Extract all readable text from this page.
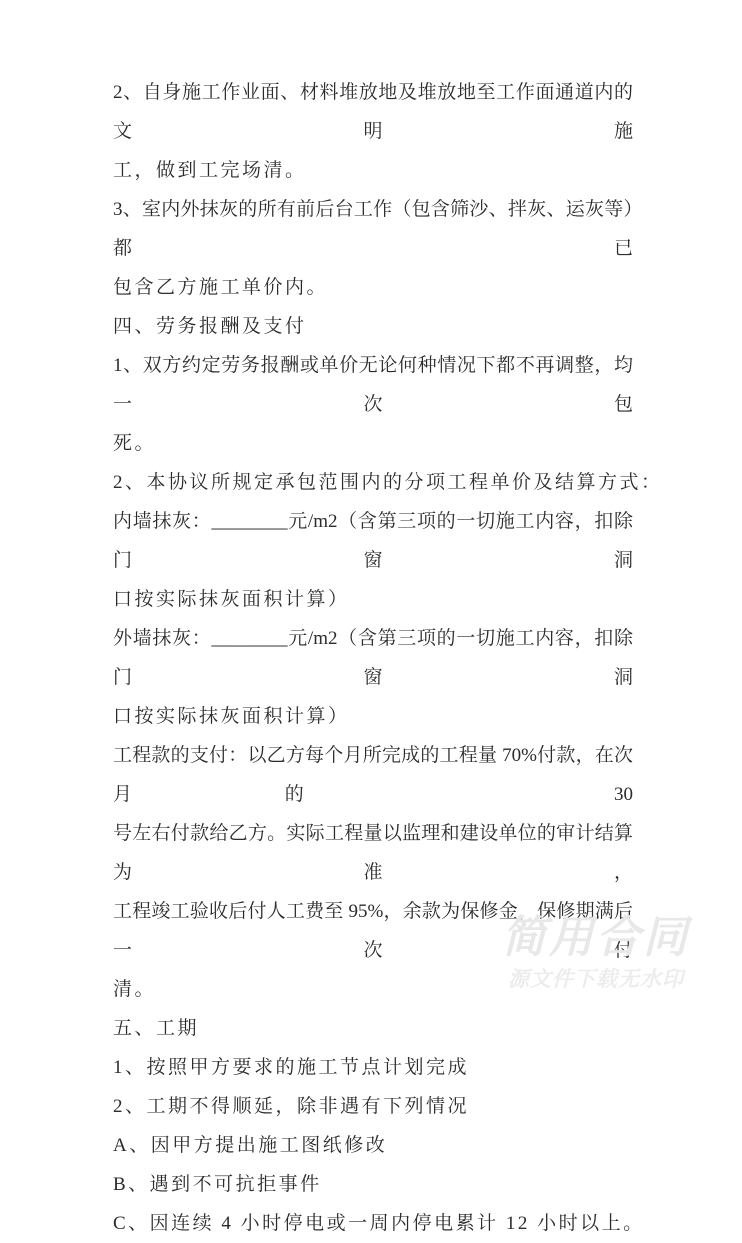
2、自身施工作业面、材料堆放地及堆放地至工作面通道内的文明施
工，做到工完场清。
3、室内外抹灰的所有前后台工作（包含筛沙、拌灰、运灰等）都已
包含乙方施工单价内。
四、劳务报酬及支付
1、双方约定劳务报酬或单价无论何种情况下都不再调整，均一次包
死。
2、本协议所规定承包范围内的分项工程单价及结算方式：
内墙抹灰：________元/m2（含第三项的一切施工内容，扣除门窗洞
口按实际抹灰面积计算）
外墙抹灰：________元/m2（含第三项的一切施工内容，扣除门窗洞
口按实际抹灰面积计算）
工程款的支付：以乙方每个月所完成的工程量 70%付款，在次月的 30
号左右付款给乙方。实际工程量以监理和建设单位的审计结算为准，
工程竣工验收后付人工费至 95%，余款为保修金，保修期满后一次付
清。
五、工期
1、按照甲方要求的施工节点计划完成
2、工期不得顺延，除非遇有下列情况
A、因甲方提出施工图纸修改
B、遇到不可抗拒事件
C、因连续 4 小时停电或一周内停电累计 12 小时以上。
简用合同
源文件下载无水印
